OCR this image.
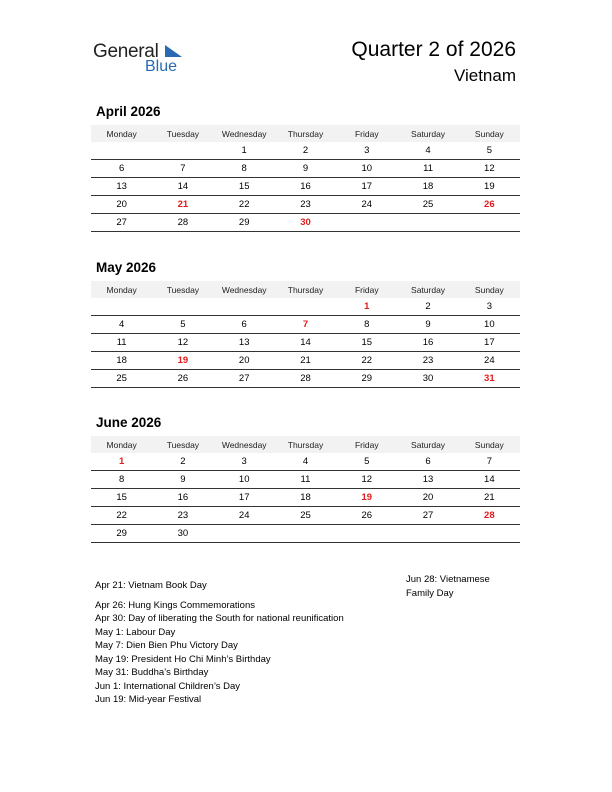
General
Blue
Quarter 2 of 2026
Vietnam
April 2026
Monday	Tuesday	Wednesday	Thursday	Friday	Saturday	Sunday
		1	2	3	4	5
6	7	8	9	10	11	12
13	14	15	16	17	18	19
20	21	22	23	24	25	26
27	28	29	30			
May 2026
Monday	Tuesday	Wednesday	Thursday	Friday	Saturday	Sunday
				1	2	3
4	5	6	7	8	9	10
11	12	13	14	15	16	17
18	19	20	21	22	23	24
25	26	27	28	29	30	31
June 2026
Monday	Tuesday	Wednesday	Thursday	Friday	Saturday	Sunday
1	2	3	4	5	6	7
8	9	10	11	12	13	14
15	16	17	18	19	20	21
22	23	24	25	26	27	28
29	30					
Apr 21: Vietnam Book Day
Apr 26: Hung Kings Commemorations
Apr 30: Day of liberating the South for national reunification
May 1: Labour Day
May 7: Dien Bien Phu Victory Day
May 19: President Ho Chi Minh’s Birthday
May 31: Buddha’s Birthday
Jun 1: International Children’s Day
Jun 19: Mid-year Festival
Jun 28: Vietnamese Family Day
